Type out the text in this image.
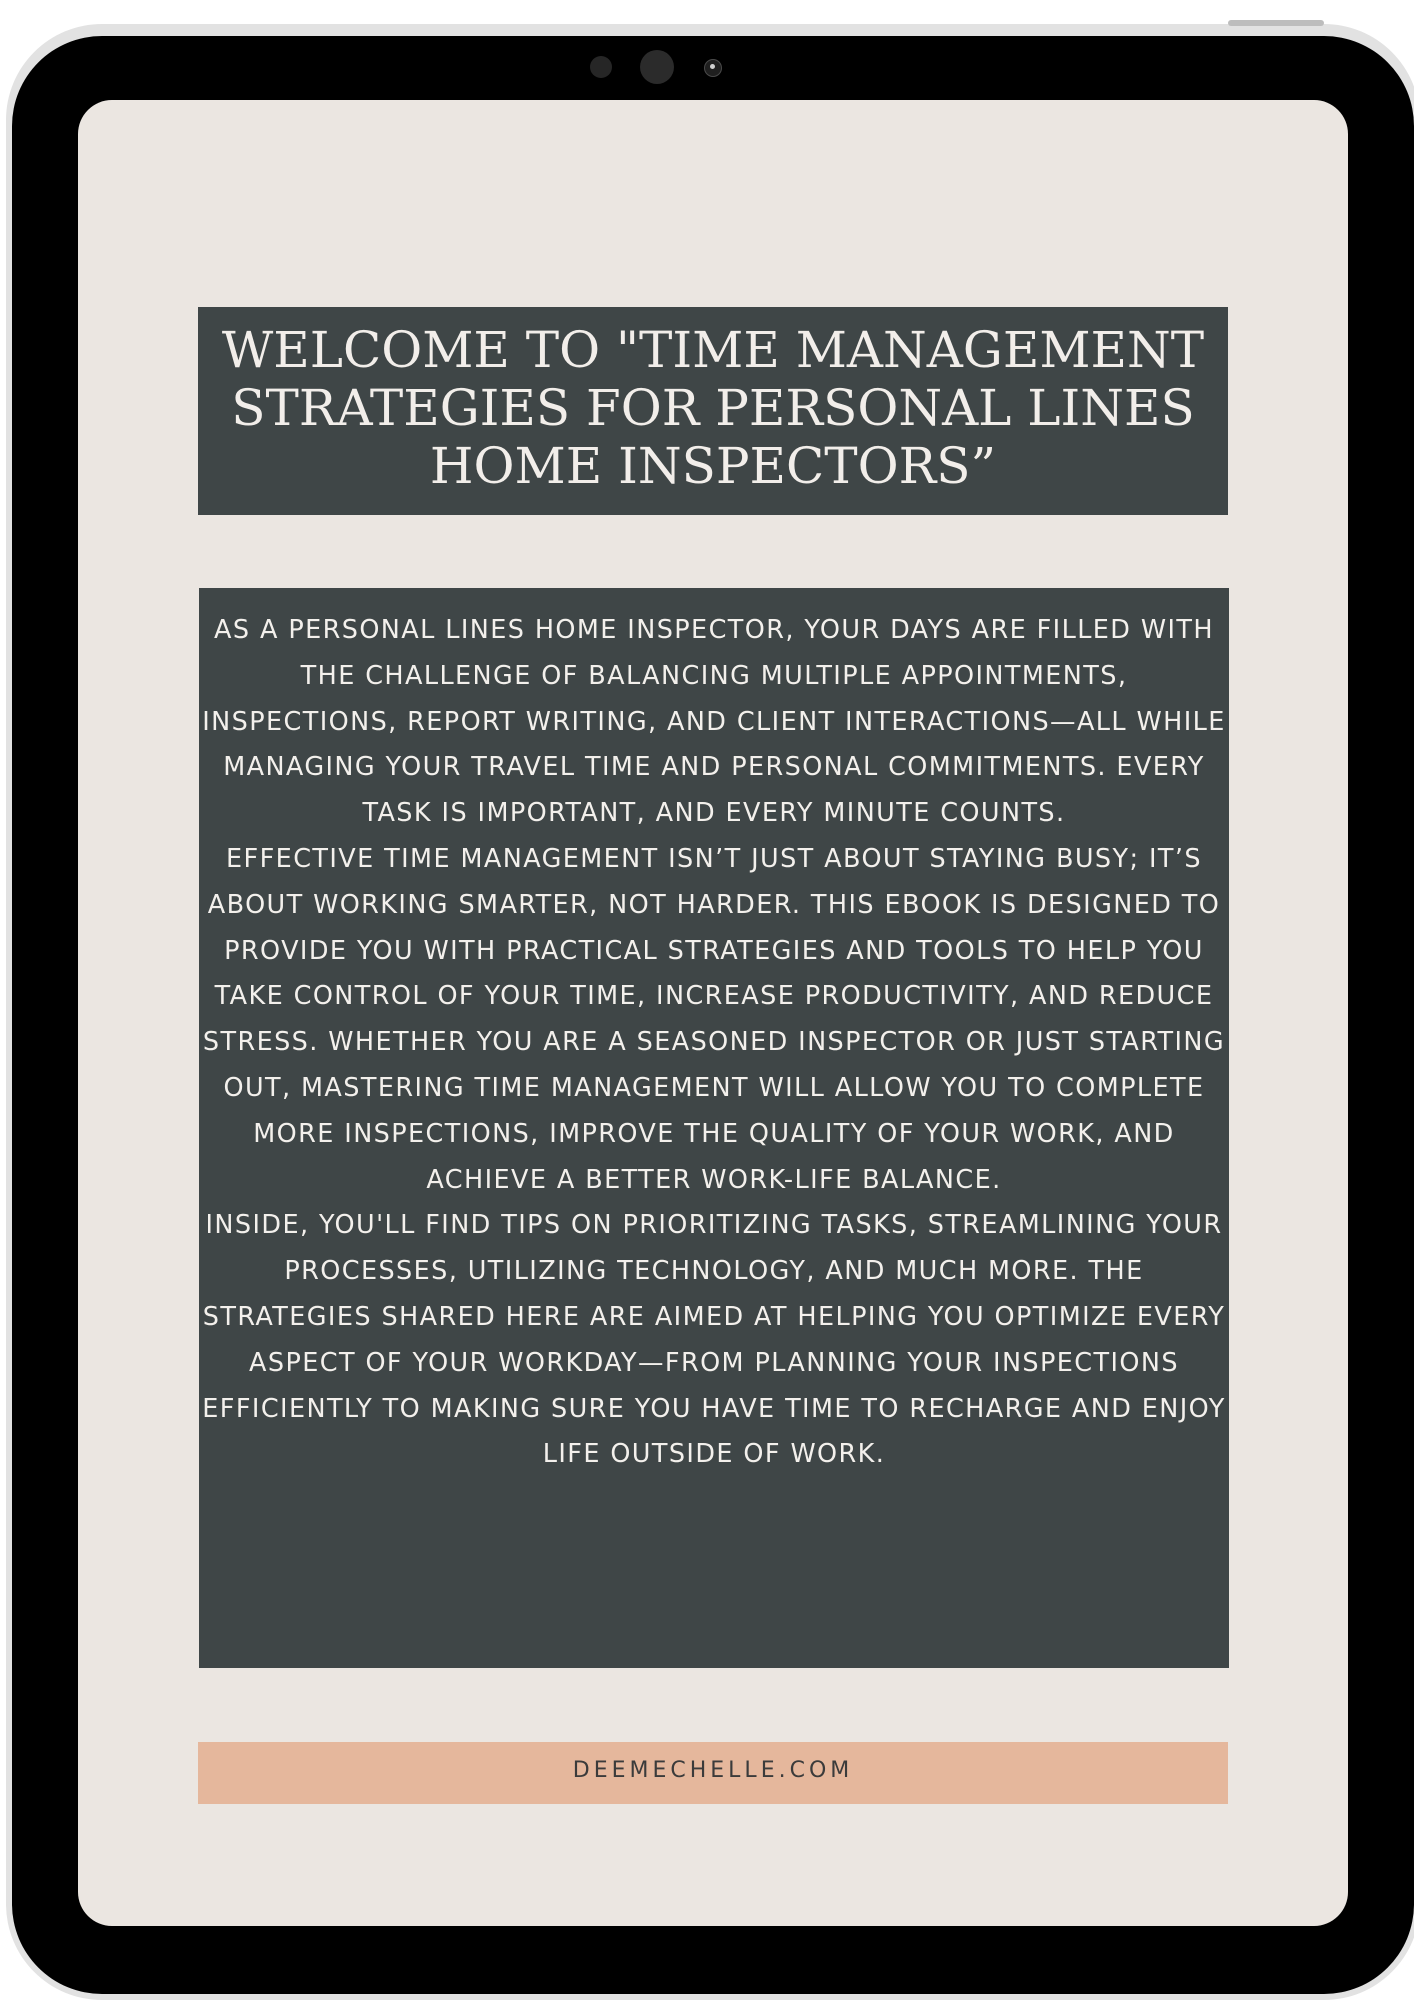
WELCOME TO "TIME MANAGEMENT
STRATEGIES FOR PERSONAL LINES
HOME INSPECTORS”

AS A PERSONAL LINES HOME INSPECTOR, YOUR DAYS ARE FILLED WITH THE CHALLENGE OF BALANCING MULTIPLE APPOINTMENTS, INSPECTIONS, REPORT WRITING, AND CLIENT INTERACTIONS—ALL WHILE MANAGING YOUR TRAVEL TIME AND PERSONAL COMMITMENTS. EVERY TASK IS IMPORTANT, AND EVERY MINUTE COUNTS.

EFFECTIVE TIME MANAGEMENT ISN’T JUST ABOUT STAYING BUSY; IT’S ABOUT WORKING SMARTER, NOT HARDER. THIS EBOOK IS DESIGNED TO PROVIDE YOU WITH PRACTICAL STRATEGIES AND TOOLS TO HELP YOU TAKE CONTROL OF YOUR TIME, INCREASE PRODUCTIVITY, AND REDUCE STRESS. WHETHER YOU ARE A SEASONED INSPECTOR OR JUST STARTING OUT, MASTERING TIME MANAGEMENT WILL ALLOW YOU TO COMPLETE MORE INSPECTIONS, IMPROVE THE QUALITY OF YOUR WORK, AND ACHIEVE A BETTER WORK-LIFE BALANCE.

INSIDE, YOU'LL FIND TIPS ON PRIORITIZING TASKS, STREAMLINING YOUR PROCESSES, UTILIZING TECHNOLOGY, AND MUCH MORE. THE STRATEGIES SHARED HERE ARE AIMED AT HELPING YOU OPTIMIZE EVERY ASPECT OF YOUR WORKDAY—FROM PLANNING YOUR INSPECTIONS EFFICIENTLY TO MAKING SURE YOU HAVE TIME TO RECHARGE AND ENJOY LIFE OUTSIDE OF WORK.

DEEMECHELLE.COM
